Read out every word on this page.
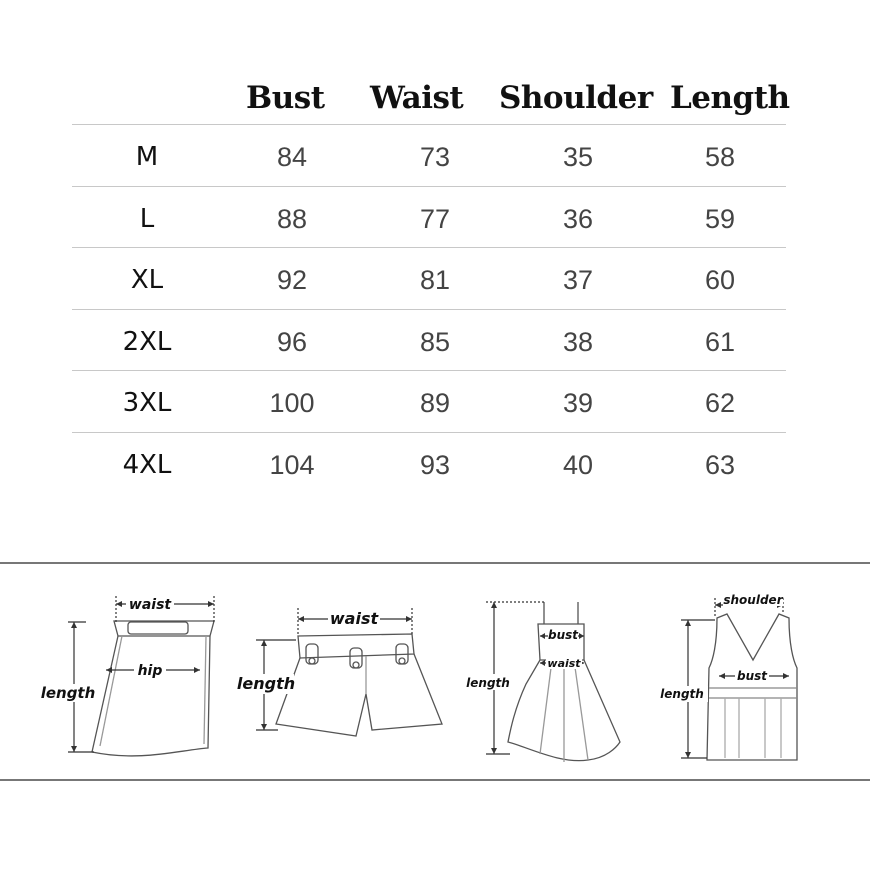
Bust Waist Shoulder Length
M	84	73	35	58
L	88	77	36	59
XL	92	81	37	60
2XL	96	85	38	61
3XL	100	89	39	62
4XL	104	93	40	63
waist
hip
length
waist
length
bust
waist
length
shoulder
bust
length
